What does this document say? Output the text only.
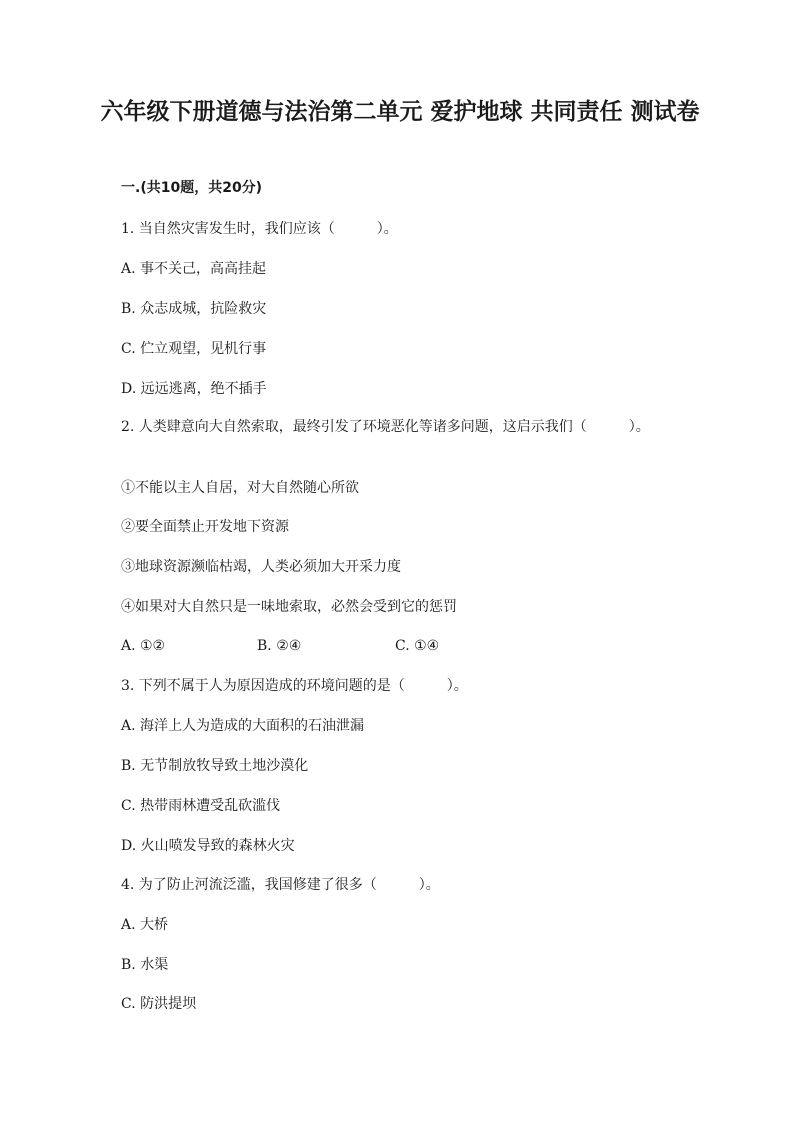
六年级下册道德与法治第二单元 爱护地球 共同责任 测试卷
一.(共10题，共20分)
1. 当自然灾害发生时，我们应该（　　　）。
A. 事不关己，高高挂起
B. 众志成城，抗险救灾
C. 伫立观望，见机行事
D. 远远逃离，绝不插手
2. 人类肆意向大自然索取，最终引发了环境恶化等诸多问题，这启示我们（　　　）。
①不能以主人自居，对大自然随心所欲
②要全面禁止开发地下资源
③地球资源濒临枯竭，人类必须加大开采力度
④如果对大自然只是一味地索取，必然会受到它的惩罚
A. ①②	B. ②④	C. ①④
3. 下列不属于人为原因造成的环境问题的是（　　　）。
A. 海洋上人为造成的大面积的石油泄漏
B. 无节制放牧导致土地沙漠化
C. 热带雨林遭受乱砍滥伐
D. 火山喷发导致的森林火灾
4. 为了防止河流泛滥，我国修建了很多（　　　）。
A. 大桥
B. 水渠
C. 防洪提坝
